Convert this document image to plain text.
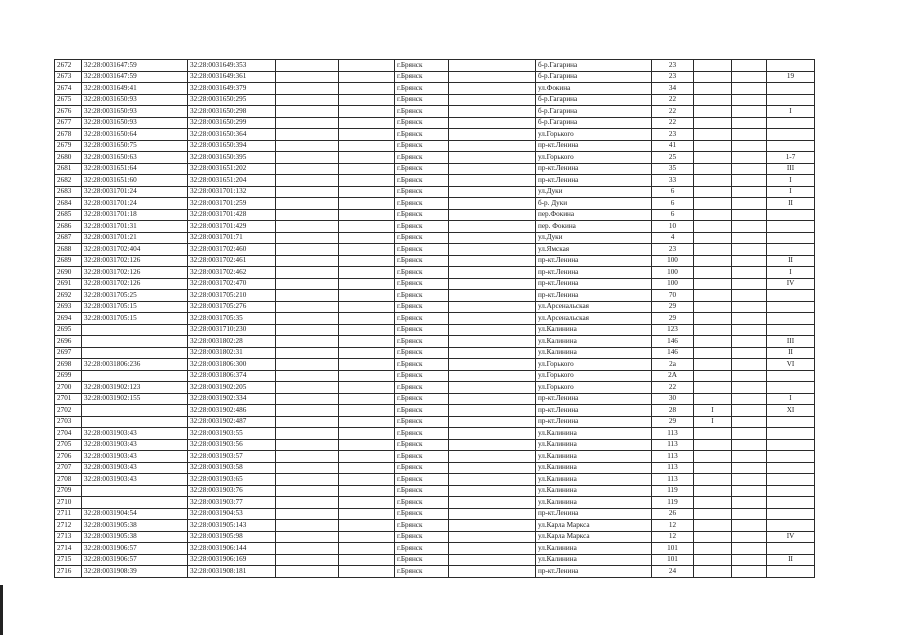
2672	32:28:0031647:59	32:28:0031649:353			г.Брянск		б-р.Гагарина	23			
2673	32:28:0031647:59	32:28:0031649:361			г.Брянск		б-р.Гагарина	23			19
2674	32:28:0031649:41	32:28:0031649:379			г.Брянск		ул.Фокина	34			
2675	32:28:0031650:93	32:28:0031650:295			г.Брянск		б-р.Гагарина	22			
2676	32:28:0031650:93	32:28:0031650:298			г.Брянск		б-р.Гагарина	22			I
2677	32:28:0031650:93	32:28:0031650:299			г.Брянск		б-р.Гагарина	22			
2678	32:28:0031650:64	32:28:0031650:364			г.Брянск		ул.Горького	23			
2679	32:28:0031650:75	32:28:0031650:394			г.Брянск		пр-кт.Ленина	41			
2680	32:28:0031650:63	32:28:0031650:395			г.Брянск		ул.Горького	25			1-7
2681	32:28:0031651:64	32:28:0031651:202			г.Брянск		пр-кт.Ленина	35			III
2682	32:28:0031651:60	32:28:0031651:204			г.Брянск		пр-кт.Ленина	33			I
2683	32:28:0031701:24	32:28:0031701:132			г.Брянск		ул.Дуки	6			I
2684	32:28:0031701:24	32:28:0031701:259			г.Брянск		б-р. Дуки	6			II
2685	32:28:0031701:18	32:28:0031701:428			г.Брянск		пер.Фокина	6			
2686	32:28:0031701:31	32:28:0031701:429			г.Брянск		пер. Фокина	10			
2687	32:28:0031701:21	32:28:0031701:71			г.Брянск		ул.Дуки	4			
2688	32:28:0031702:404	32:28:0031702:460			г.Брянск		ул.Ямская	23			
2689	32:28:0031702:126	32:28:0031702:461			г.Брянск		пр-кт.Ленина	100			II
2690	32:28:0031702:126	32:28:0031702:462			г.Брянск		пр-кт.Ленина	100			I
2691	32:28:0031702:126	32:28:0031702:470			г.Брянск		пр-кт.Ленина	100			IV
2692	32:28:0031705:25	32:28:0031705:210			г.Брянск		пр-кт.Ленина	70			
2693	32:28:0031705:15	32:28:0031705:276			г.Брянск		ул.Арсенальская	29			
2694	32:28:0031705:15	32:28:0031705:35			г.Брянск		ул.Арсенальская	29			
2695		32:28:0031710:230			г.Брянск		ул.Калинина	123			
2696		32:28:0031802:28			г.Брянск		ул.Калинина	146			III
2697		32:28:0031802:31			г.Брянск		ул.Калинина	146			II
2698	32:28:0031806:236	32:28:0031806:300			г.Брянск		ул.Горького	2а			VI
2699		32:28:0031806:374			г.Брянск		ул.Горького	2А			
2700	32:28:0031902:123	32:28:0031902:205			г.Брянск		ул.Горького	22			
2701	32:28:0031902:155	32:28:0031902:334			г.Брянск		пр-кт.Ленина	30			I
2702		32:28:0031902:486			г.Брянск		пр-кт.Ленина	28	I		XI
2703		32:28:0031902:487			г.Брянск		пр-кт.Ленина	29	I		
2704	32:28:0031903:43	32:28:0031903:55			г.Брянск		ул.Калинина	113			
2705	32:28:0031903:43	32:28:0031903:56			г.Брянск		ул.Калинина	113			
2706	32:28:0031903:43	32:28:0031903:57			г.Брянск		ул.Калинина	113			
2707	32:28:0031903:43	32:28:0031903:58			г.Брянск		ул.Калинина	113			
2708	32:28:0031903:43	32:28:0031903:65			г.Брянск		ул.Калинина	113			
2709		32:28:0031903:76			г.Брянск		ул.Калинина	119			
2710		32:28:0031903:77			г.Брянск		ул.Калинина	119			
2711	32:28:0031904:54	32:28:0031904:53			г.Брянск		пр-кт.Ленина	26			
2712	32:28:0031905:38	32:28:0031905:143			г.Брянск		ул.Карла Маркса	12			
2713	32:28:0031905:38	32:28:0031905:98			г.Брянск		ул.Карла Маркса	12			IV
2714	32:28:0031906:57	32:28:0031906:144			г.Брянск		ул.Калинина	101			
2715	32:28:0031906:57	32:28:0031906:169			г.Брянск		ул.Калинина	101			II
2716	32:28:0031908:39	32:28:0031908:181			г.Брянск		пр-кт.Ленина	24			
